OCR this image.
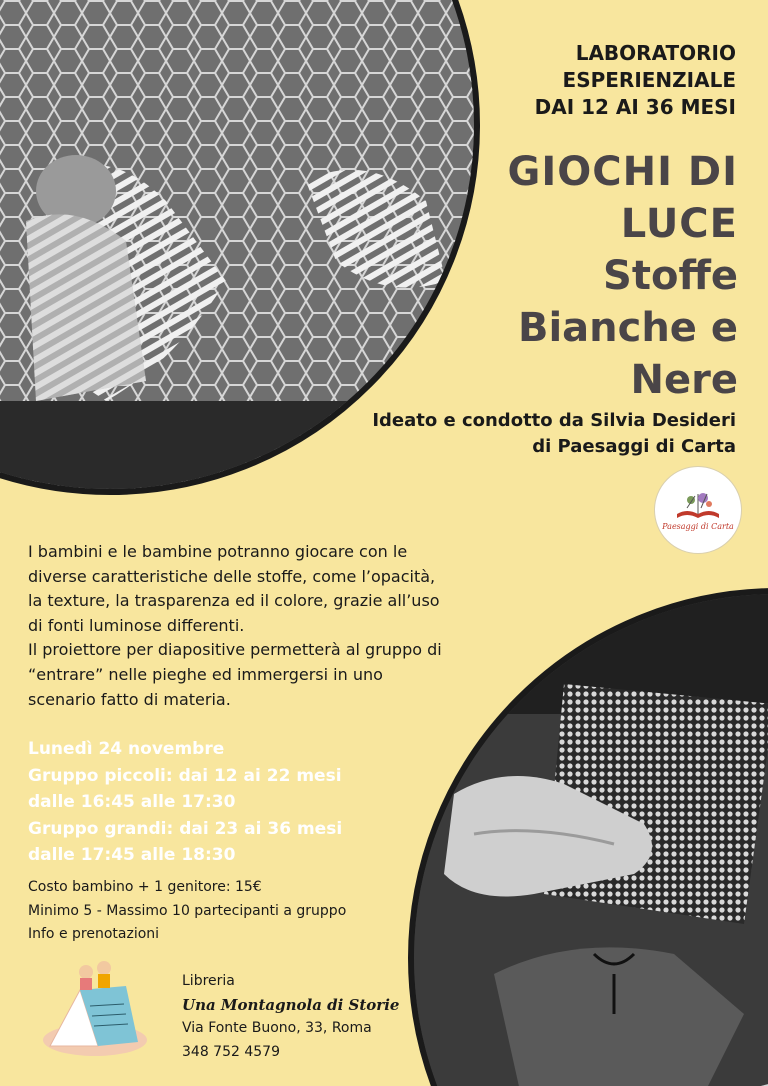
LABORATORIO
ESPERIENZIALE
DAI 12 AI 36 MESI
GIOCHI DI
LUCE
Stoffe
Bianche e
Nere
Ideato e condotto da Silvia Desideri
di Paesaggi di Carta
Paesaggi di Carta

I bambini e le bambine potranno giocare con le

diverse caratteristiche delle stoffe, come l’opacità,

la texture, la trasparenza ed il colore, grazie all’uso

di fonti luminose differenti.

Il proiettore per diapositive permetterà al gruppo di

“entrare” nelle pieghe ed immergersi in uno

scenario fatto di materia.

Lunedì 24 novembre
Gruppo piccoli: dai 12 ai 22 mesi
dalle 16:45 alle 17:30
Gruppo grandi: dai 23 ai 36 mesi
dalle 17:45 alle 18:30
Costo bambino + 1 genitore: 15€
Minimo 5 - Massimo 10 partecipanti a gruppo
Info e prenotazioni
Libreria
Una Montagnola di Storie
Via Fonte Buono, 33, Roma
348 752 4579
